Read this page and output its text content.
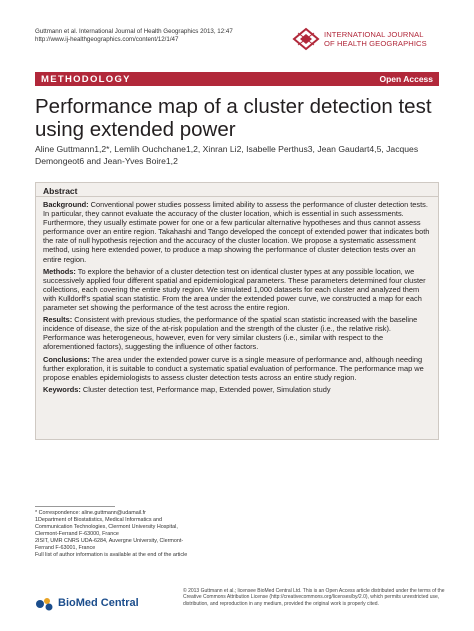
Guttmann et al. International Journal of Health Geographics 2013, 12:47
http://www.ij-healthgeographics.com/content/12/1/47
INTERNATIONAL JOURNAL
OF HEALTH GEOGRAPHICS
METHODOLOGY	Open Access
Performance map of a cluster detection test using extended power
Aline Guttmann1,2*, Lemlih Ouchchane1,2, Xinran Li2, Isabelle Perthus3, Jean Gaudart4,5, Jacques Demongeot6 and Jean-Yves Boire1,2
Abstract

Background: Conventional power studies possess limited ability to assess the performance of cluster detection tests. In particular, they cannot evaluate the accuracy of the cluster location, which is essential in such assessments. Furthermore, they usually estimate power for one or a few particular alternative hypotheses and thus cannot assess performance over an entire region. Takahashi and Tango developed the concept of extended power that indicates both the rate of null hypothesis rejection and the accuracy of the cluster location. We propose a systematic assessment method, using here extended power, to produce a map showing the performance of cluster detection tests over an entire region.

Methods: To explore the behavior of a cluster detection test on identical cluster types at any possible location, we successively applied four different spatial and epidemiological parameters. These parameters determined four cluster collections, each covering the entire study region. We simulated 1,000 datasets for each cluster and analyzed them with Kulldorff's spatial scan statistic. From the area under the extended power curve, we constructed a map for each parameter set showing the performance of the test across the entire region.

Results: Consistent with previous studies, the performance of the spatial scan statistic increased with the baseline incidence of disease, the size of the at-risk population and the strength of the cluster (i.e., the relative risk). Performance was heterogeneous, however, even for very similar clusters (i.e., similar with respect to the aforementioned factors), suggesting the influence of other factors.

Conclusions: The area under the extended power curve is a single measure of performance and, although needing further exploration, it is suitable to conduct a systematic spatial evaluation of performance. The performance map we propose enables epidemiologists to assess cluster detection tests across an entire study region.

Keywords: Cluster detection test, Performance map, Extended power, Simulation study

* Correspondence: aline.guttmann@udamail.fr
1Department of Biostatistics, Medical Informatics and Communication Technologies, Clermont University Hospital, Clermont-Ferrand F-63000, France
2ISIT, UMR CNRS UDA-6284, Auvergne University, Clermont-Ferrand F-63001, France
Full list of author information is available at the end of the article
BioMed Central
© 2013 Guttmann et al.; licensee BioMed Central Ltd. This is an Open Access article distributed under the terms of the Creative Commons Attribution License (http://creativecommons.org/licenses/by/2.0), which permits unrestricted use, distribution, and reproduction in any medium, provided the original work is properly cited.
